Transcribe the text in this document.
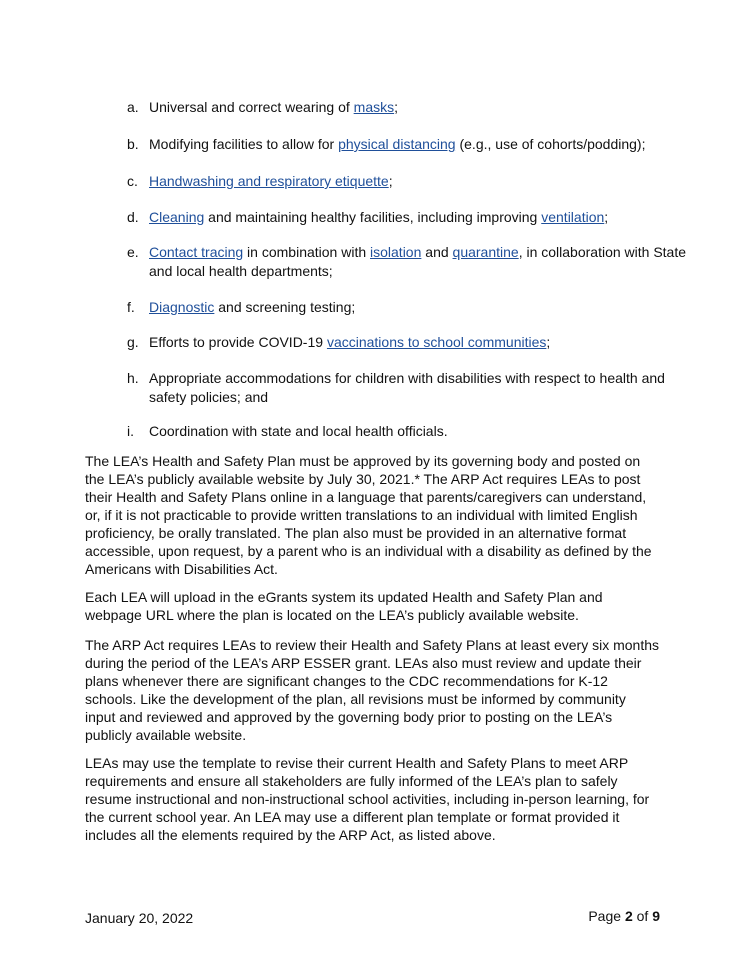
a. Universal and correct wearing of masks;
b. Modifying facilities to allow for physical distancing (e.g., use of cohorts/podding);
c. Handwashing and respiratory etiquette;
d. Cleaning and maintaining healthy facilities, including improving ventilation;
e. Contact tracing in combination with isolation and quarantine, in collaboration with State and local health departments;
f.	Diagnostic and screening testing;
g. Efforts to provide COVID-19 vaccinations to school communities;
h. Appropriate accommodations for children with disabilities with respect to health and safety policies; and
i.	Coordination with state and local health officials.

The LEA’s Health and Safety Plan must be approved by its governing body and posted on the LEA’s publicly available website by July 30, 2021.* The ARP Act requires LEAs to post their Health and Safety Plans online in a language that parents/caregivers can understand, or, if it is not practicable to provide written translations to an individual with limited English proficiency, be orally translated. The plan also must be provided in an alternative format accessible, upon request, by a parent who is an individual with a disability as defined by the Americans with Disabilities Act.

Each LEA will upload in the eGrants system its updated Health and Safety Plan and webpage URL where the plan is located on the LEA’s publicly available website.

The ARP Act requires LEAs to review their Health and Safety Plans at least every six months during the period of the LEA’s ARP ESSER grant. LEAs also must review and update their plans whenever there are significant changes to the CDC recommendations for K-12 schools. Like the development of the plan, all revisions must be informed by community input and reviewed and approved by the governing body prior to posting on the LEA’s publicly available website.

LEAs may use the template to revise their current Health and Safety Plans to meet ARP requirements and ensure all stakeholders are fully informed of the LEA’s plan to safely resume instructional and non-instructional school activities, including in-person learning, for the current school year. An LEA may use a different plan template or format provided it includes all the elements required by the ARP Act, as listed above.

January 20, 2022	Page 2 of 9
